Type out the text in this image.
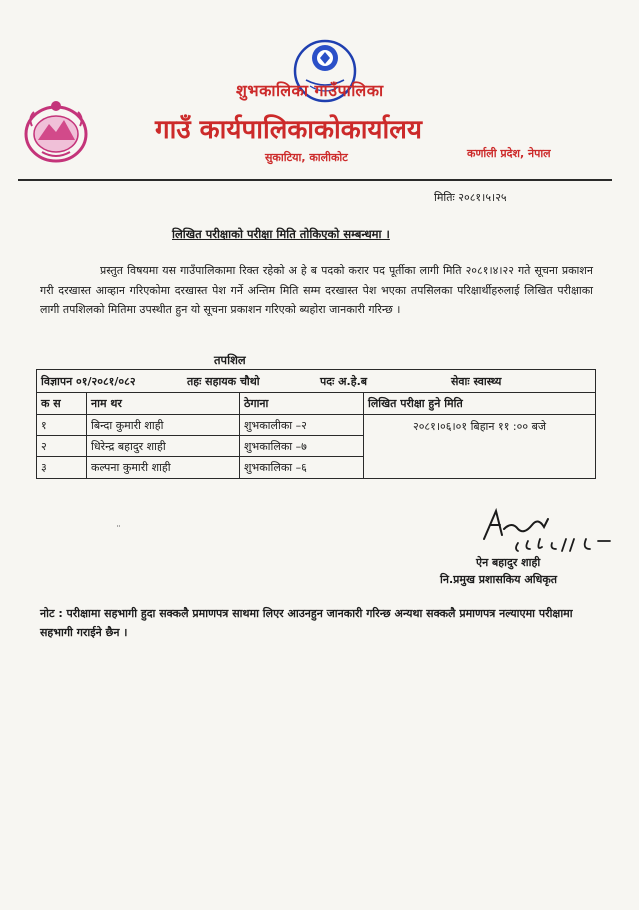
शुभकालिका गाउँपालिका
गाउँ कार्यपालिकाकोकार्यालय
सुकाटिया, कालीकोट	कर्णाली प्रदेश, नेपाल
मितिः २०८१।५।२५
लिखित परीक्षाको परीक्षा मिति तोकिएको सम्बन्धमा ।
प्रस्तुत विषयमा यस गाउँपालिकामा रिक्त रहेको अ हे ब पदको करार पद पूर्तीका लागी मिति २०८१।४।२२ गते सूचना प्रकाशन गरी दरखास्त आव्हान गरिएकोमा दरखास्त पेश गर्ने अन्तिम मिति सम्म दरखास्त पेश भएका तपसिलका परिक्षार्थीहरुलाई लिखित परीक्षाका लागी तपशिलको मितिमा उपस्थीत हुन यो सूचना प्रकाशन गरिएको ब्यहोरा जानकारी गरिन्छ ।
तपशिल
विज्ञापन ०१/२०८१/०८२	तहः सहायक चौथो	पदः अ.हे.ब	सेवाः स्वास्थ्य
क स	नाम थर	ठेगाना	लिखित परीक्षा हुने मिति
१	बिन्दा कुमारी शाही	शुभकालीका –२	२०८१।०६।०१ बिहान ११ :०० बजे
२	धिरेन्द्र बहादुर शाही	शुभकालिका –७
३	कल्पना कुमारी शाही	शुभकालिका –६
¨
ऐन बहादुर शाही
नि.प्रमुख प्रशासकिय अधिकृत
नोट : परीक्षामा सहभागी हुदा सक्कलै प्रमाणपत्र साथमा लिएर आउनहुन जानकारी गरिन्छ अन्यथा सक्कलै प्रमाणपत्र नल्याएमा परीक्षामा सहभागी गराईने छैन ।
